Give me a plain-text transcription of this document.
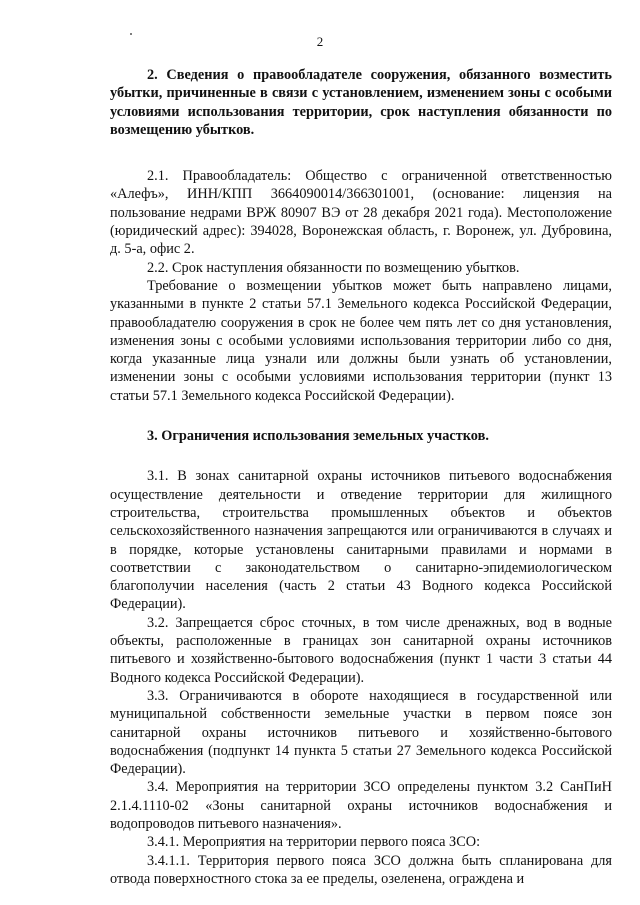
2

2. Сведения о правообладателе сооружения, обязанного возместить убытки, причиненные в связи с установлением, изменением зоны с особыми условиями использования территории, срок наступления обязанности по возмещению убытков.

2.1. Правообладатель: Общество с ограниченной ответственностью «Алефъ», ИНН/КПП 3664090014/366301001, (основание: лицензия на пользование недрами ВРЖ 80907 ВЭ от 28 декабря 2021 года). Местоположение (юридический адрес): 394028, Воронежская область, г. Воронеж, ул. Дубровина, д. 5-а, офис 2.

2.2. Срок наступления обязанности по возмещению убытков.

Требование о возмещении убытков может быть направлено лицами, указанными в пункте 2 статьи 57.1 Земельного кодекса Российской Федерации, правообладателю сооружения в срок не более чем пять лет со дня установления, изменения зоны с особыми условиями использования территории либо со дня, когда указанные лица узнали или должны были узнать об установлении, изменении зоны с особыми условиями использования территории (пункт 13 статьи 57.1 Земельного кодекса Российской Федерации).

3. Ограничения использования земельных участков.

3.1. В зонах санитарной охраны источников питьевого водоснабжения осуществление деятельности и отведение территории для жилищного строительства, строительства промышленных объектов и объектов сельскохозяйственного назначения запрещаются или ограничиваются в случаях и в порядке, которые установлены санитарными правилами и нормами в соответствии с законодательством о санитарно-эпидемиологическом благополучии населения (часть 2 статьи 43 Водного кодекса Российской Федерации).

3.2. Запрещается сброс сточных, в том числе дренажных, вод в водные объекты, расположенные в границах зон санитарной охраны источников питьевого и хозяйственно-бытового водоснабжения (пункт 1 части 3 статьи 44 Водного кодекса Российской Федерации).

3.3. Ограничиваются в обороте находящиеся в государственной или муниципальной собственности земельные участки в первом поясе зон санитарной охраны источников питьевого и хозяйственно-бытового водоснабжения (подпункт 14 пункта 5 статьи 27 Земельного кодекса Российской Федерации).

3.4. Мероприятия на территории ЗСО определены пунктом 3.2 СанПиН 2.1.4.1110-02 «Зоны санитарной охраны источников водоснабжения и водопроводов питьевого назначения».

3.4.1. Мероприятия на территории первого пояса ЗСО:

3.4.1.1. Территория первого пояса ЗСО должна быть спланирована для отвода поверхностного стока за ее пределы, озеленена, ограждена и
